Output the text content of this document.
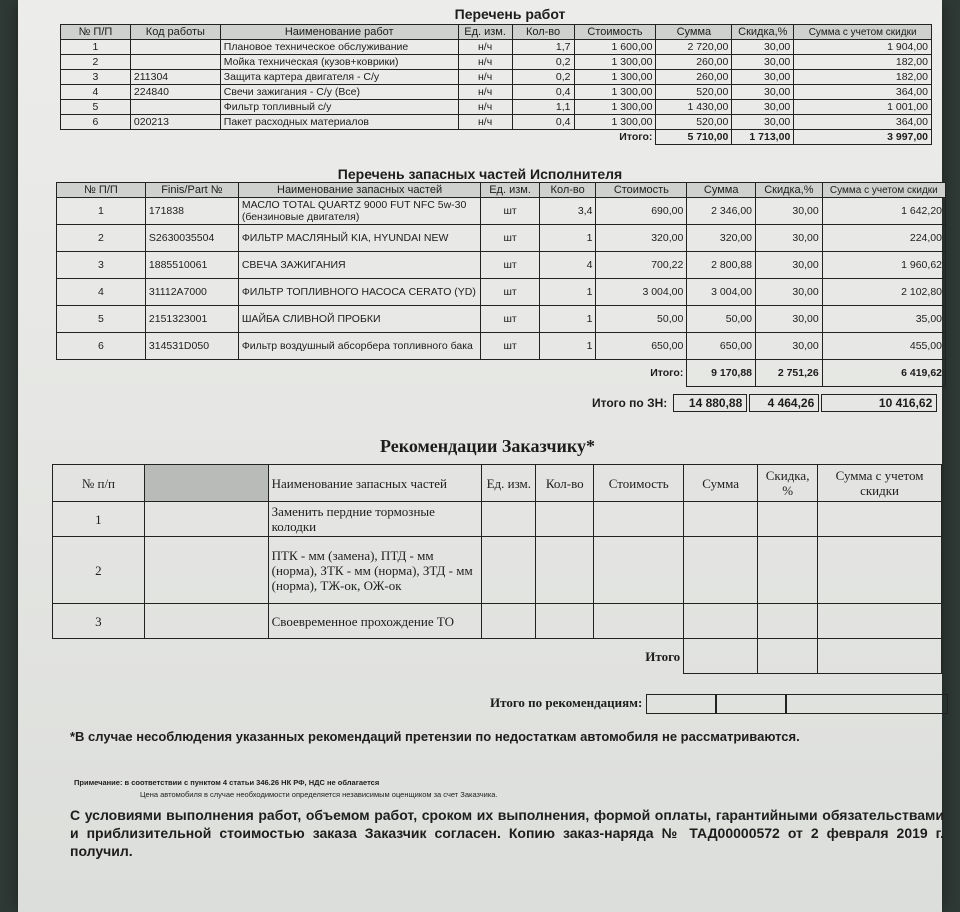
Перечень работ
№ П/П	Код работы	Наименование работ	Ед. изм.	Кол-во	Стоимость	Сумма	Скидка,%	Сумма с учетом скидки
1		Плановое техническое обслуживание	н/ч	1,7	1 600,00	2 720,00	30,00	1 904,00
2		Мойка техническая (кузов+коврики)	н/ч	0,2	1 300,00	260,00	30,00	182,00
3	211304	Защита картера двигателя - С/у	н/ч	0,2	1 300,00	260,00	30,00	182,00
4	224840	Свечи зажигания - С/у (Все)	н/ч	0,4	1 300,00	520,00	30,00	364,00
5		Фильтр топливный с/у	н/ч	1,1	1 300,00	1 430,00	30,00	1 001,00
6	020213	Пакет расходных материалов	н/ч	0,4	1 300,00	520,00	30,00	364,00
					Итого:	5 710,00	1 713,00	3 997,00
Перечень запасных частей Исполнителя
№ П/П	Finis/Part №	Наименование запасных частей	Ед. изм.	Кол-во	Стоимость	Сумма	Скидка,%	Сумма с учетом скидки
1	171838	МАСЛО TOTAL QUARTZ 9000 FUT NFC 5w-30 (бензиновые двигателя)	шт	3,4	690,00	2 346,00	30,00	1 642,20
2	S2630035504	ФИЛЬТР МАСЛЯНЫЙ KIA, HYUNDAI NEW	шт	1	320,00	320,00	30,00	224,00
3	1885510061	СВЕЧА ЗАЖИГАНИЯ	шт	4	700,22	2 800,88	30,00	1 960,62
4	31112A7000	ФИЛЬТР ТОПЛИВНОГО НАСОСА CERATO (YD)	шт	1	3 004,00	3 004,00	30,00	2 102,80
5	2151323001	ШАЙБА СЛИВНОЙ ПРОБКИ	шт	1	50,00	50,00	30,00	35,00
6	314531D050	Фильтр воздушный абсорбера топливного бака	шт	1	650,00	650,00	30,00	455,00
					Итого:	9 170,88	2 751,26	6 419,62
Итого по ЗН: 14 880,88 4 464,26	10 416,62
Рекомендации Заказчику*
№ п/п		Наименование запасных частей	Ед. изм.	Кол-во	Стоимость	Сумма	Скидка, %	Сумма с учетом скидки
1		Заменить пердние тормозные колодки						
2		ПТК - мм (замена), ПТД - мм (норма), ЗТК - мм (норма), ЗТД - мм (норма), ТЖ-ок, ОЖ-ок						
3		Своевременное прохождение ТО						
Итого								
Итого по рекомендациям:
*В случае несоблюдения указанных рекомендаций претензии по недостаткам автомобиля не рассматриваются.
Примечание: в соответствии с пунктом 4 статьи 346.26 НК РФ, НДС не облагается
Цена автомобиля в случае необходимости определяется независимым оценщиком за счет Заказчика.
С условиями выполнения работ, объемом работ, сроком их выполнения, формой оплаты, гарантийными обязательствами и приблизительной стоимостью заказа Заказчик согласен. Копию заказ-наряда № ТАД00000572 от 2 февраля 2019 г. получил.
